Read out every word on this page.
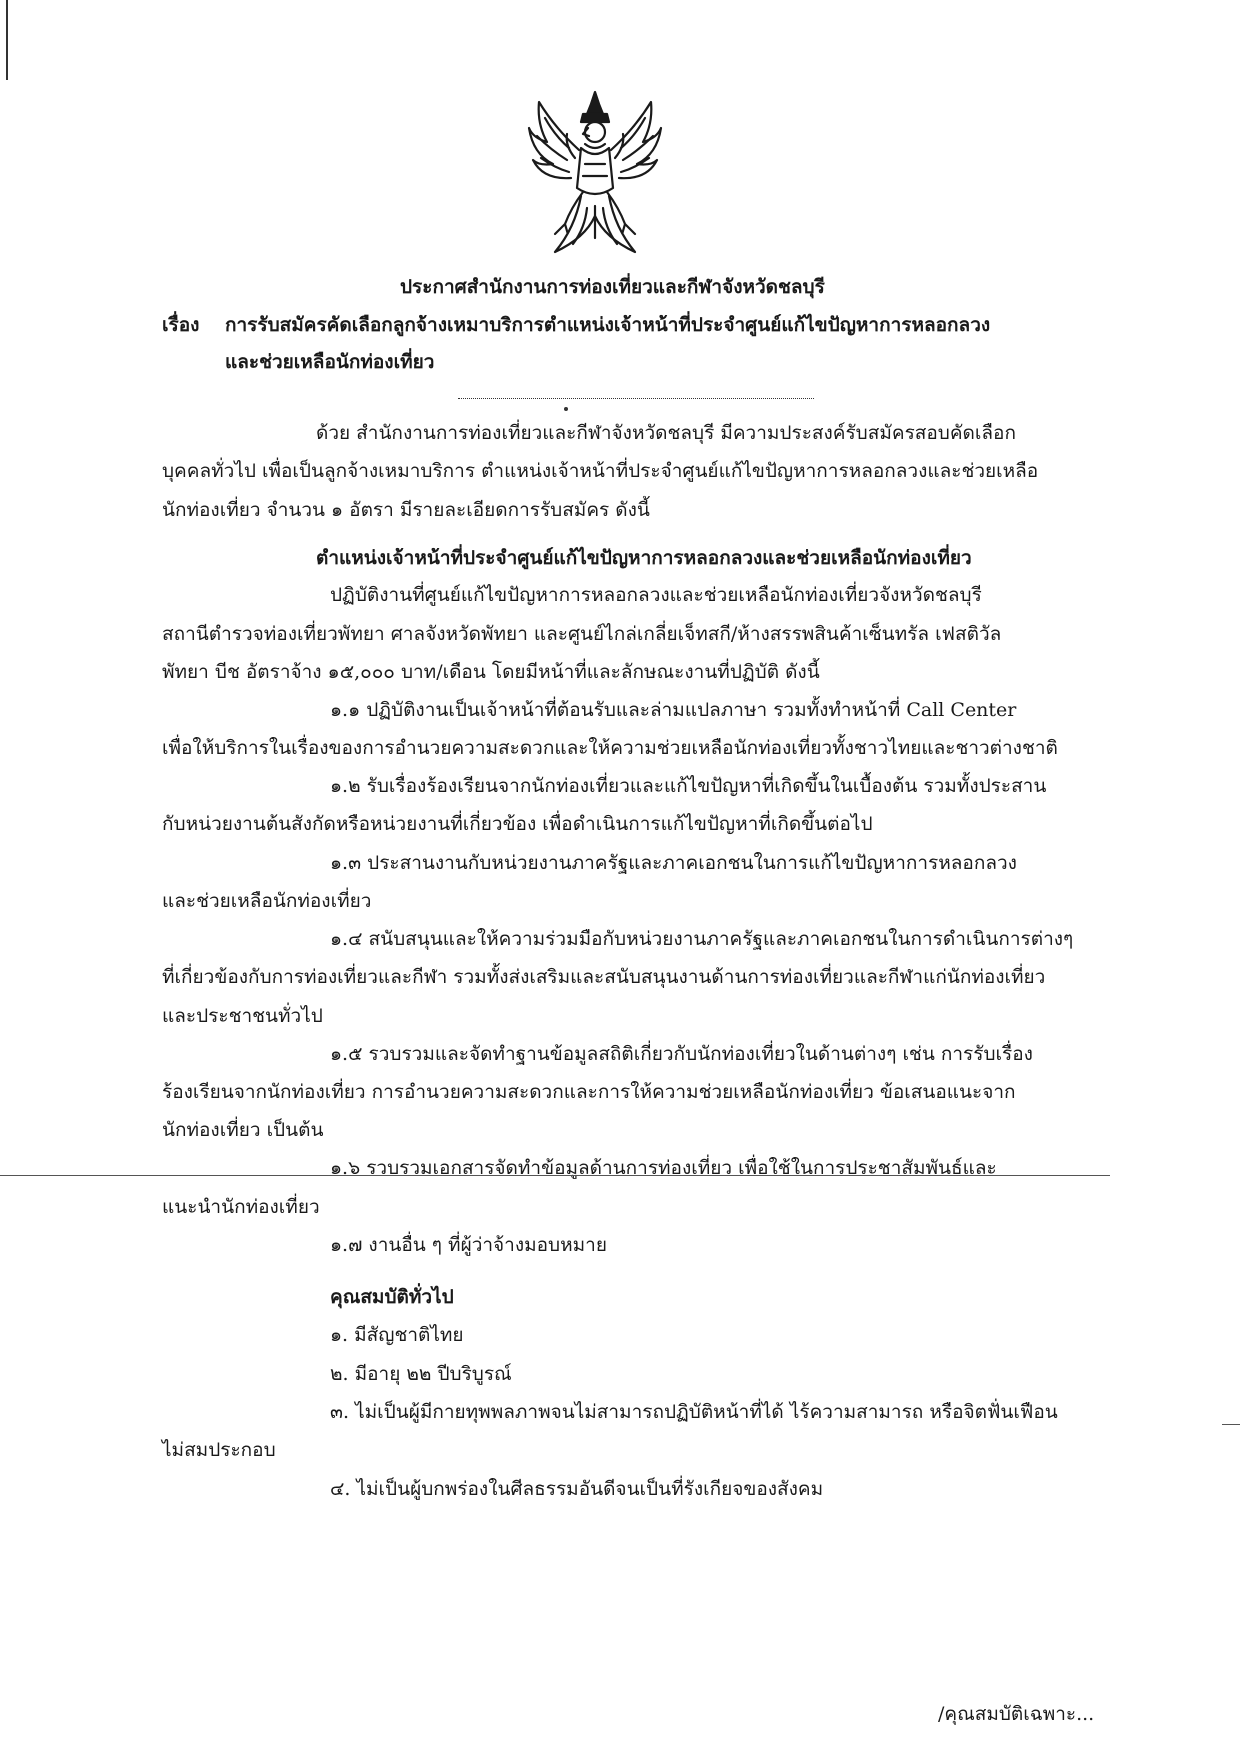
ประกาศสำนักงานการท่องเที่ยวและกีฬาจังหวัดชลบุรี
เรื่อง การรับสมัครคัดเลือกลูกจ้างเหมาบริการตำแหน่งเจ้าหน้าที่ประจำศูนย์แก้ไขปัญหาการหลอกลวง
และช่วยเหลือนักท่องเที่ยว
ด้วย สำนักงานการท่องเที่ยวและกีฬาจังหวัดชลบุรี มีความประสงค์รับสมัครสอบคัดเลือก
บุคคลทั่วไป เพื่อเป็นลูกจ้างเหมาบริการ ตำแหน่งเจ้าหน้าที่ประจำศูนย์แก้ไขปัญหาการหลอกลวงและช่วยเหลือ
นักท่องเที่ยว จำนวน ๑ อัตรา มีรายละเอียดการรับสมัคร ดังนี้
ตำแหน่งเจ้าหน้าที่ประจำศูนย์แก้ไขปัญหาการหลอกลวงและช่วยเหลือนักท่องเที่ยว
ปฏิบัติงานที่ศูนย์แก้ไขปัญหาการหลอกลวงและช่วยเหลือนักท่องเที่ยวจังหวัดชลบุรี
สถานีตำรวจท่องเที่ยวพัทยา ศาลจังหวัดพัทยา และศูนย์ไกล่เกลี่ยเจ็ทสกี/ห้างสรรพสินค้าเซ็นทรัล เฟสติวัล
พัทยา บีช อัตราจ้าง ๑๕,๐๐๐ บาท/เดือน โดยมีหน้าที่และลักษณะงานที่ปฏิบัติ ดังนี้
๑.๑ ปฏิบัติงานเป็นเจ้าหน้าที่ต้อนรับและล่ามแปลภาษา รวมทั้งทำหน้าที่ Call Center
เพื่อให้บริการในเรื่องของการอำนวยความสะดวกและให้ความช่วยเหลือนักท่องเที่ยวทั้งชาวไทยและชาวต่างชาติ
๑.๒ รับเรื่องร้องเรียนจากนักท่องเที่ยวและแก้ไขปัญหาที่เกิดขึ้นในเบื้องต้น รวมทั้งประสาน
กับหน่วยงานต้นสังกัดหรือหน่วยงานที่เกี่ยวข้อง เพื่อดำเนินการแก้ไขปัญหาที่เกิดขึ้นต่อไป
๑.๓ ประสานงานกับหน่วยงานภาครัฐและภาคเอกชนในการแก้ไขปัญหาการหลอกลวง
และช่วยเหลือนักท่องเที่ยว
๑.๔ สนับสนุนและให้ความร่วมมือกับหน่วยงานภาครัฐและภาคเอกชนในการดำเนินการต่างๆ
ที่เกี่ยวข้องกับการท่องเที่ยวและกีฬา รวมทั้งส่งเสริมและสนับสนุนงานด้านการท่องเที่ยวและกีฬาแก่นักท่องเที่ยว
และประชาชนทั่วไป
๑.๕ รวบรวมและจัดทำฐานข้อมูลสถิติเกี่ยวกับนักท่องเที่ยวในด้านต่างๆ เช่น การรับเรื่อง
ร้องเรียนจากนักท่องเที่ยว การอำนวยความสะดวกและการให้ความช่วยเหลือนักท่องเที่ยว ข้อเสนอแนะจาก
นักท่องเที่ยว เป็นต้น
๑.๖ รวบรวมเอกสารจัดทำข้อมูลด้านการท่องเที่ยว เพื่อใช้ในการประชาสัมพันธ์และ
แนะนำนักท่องเที่ยว
๑.๗ งานอื่น ๆ ที่ผู้ว่าจ้างมอบหมาย
คุณสมบัติทั่วไป
๑. มีสัญชาติไทย
๒. มีอายุ ๒๒ ปีบริบูรณ์
๓. ไม่เป็นผู้มีกายทุพพลภาพจนไม่สามารถปฏิบัติหน้าที่ได้ ไร้ความสามารถ หรือจิตฟั่นเฟือน
ไม่สมประกอบ
๔. ไม่เป็นผู้บกพร่องในศีลธรรมอันดีจนเป็นที่รังเกียจของสังคม
/คุณสมบัติเฉพาะ...
